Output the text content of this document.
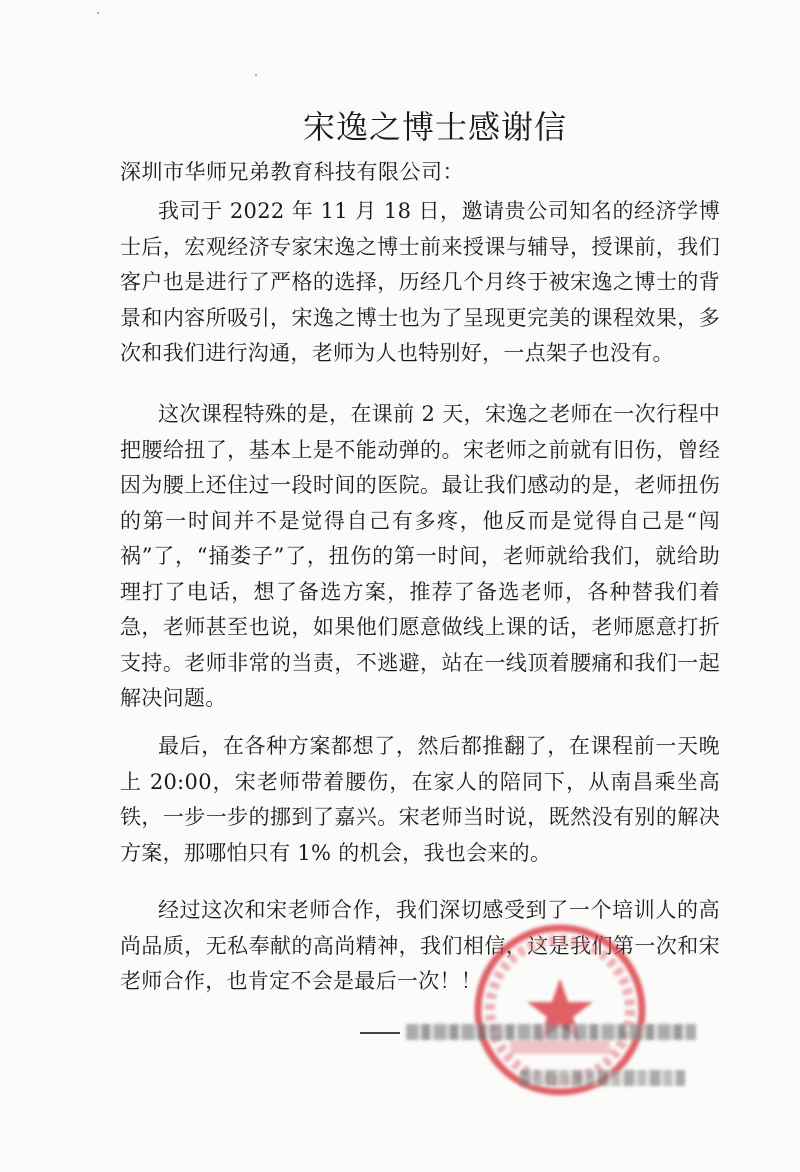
宋逸之博士感谢信
深圳市华师兄弟教育科技有限公司：

我司于 2022 年 11 月 18 日，邀请贵公司知名的经济学博士后，宏观经济专家宋逸之博士前来授课与辅导，授课前，我们客户也是进行了严格的选择，历经几个月终于被宋逸之博士的背景和内容所吸引，宋逸之博士也为了呈现更完美的课程效果，多次和我们进行沟通，老师为人也特别好，一点架子也没有。

这次课程特殊的是，在课前 2 天，宋逸之老师在一次行程中把腰给扭了，基本上是不能动弹的。宋老师之前就有旧伤，曾经因为腰上还住过一段时间的医院。最让我们感动的是，老师扭伤的第一时间并不是觉得自己有多疼，他反而是觉得自己是“闯祸”了，“捅娄子”了，扭伤的第一时间，老师就给我们，就给助理打了电话，想了备选方案，推荐了备选老师，各种替我们着急，老师甚至也说，如果他们愿意做线上课的话，老师愿意打折支持。老师非常的当责，不逃避，站在一线顶着腰痛和我们一起解决问题。

最后，在各种方案都想了，然后都推翻了，在课程前一天晚上 20:00，宋老师带着腰伤，在家人的陪同下，从南昌乘坐高铁，一步一步的挪到了嘉兴。宋老师当时说，既然没有别的解决方案，那哪怕只有 1% 的机会，我也会来的。

经过这次和宋老师合作，我们深切感受到了一个培训人的高尚品质，无私奉献的高尚精神，我们相信，这是我们第一次和宋老师合作，也肯定不会是最后一次！！
